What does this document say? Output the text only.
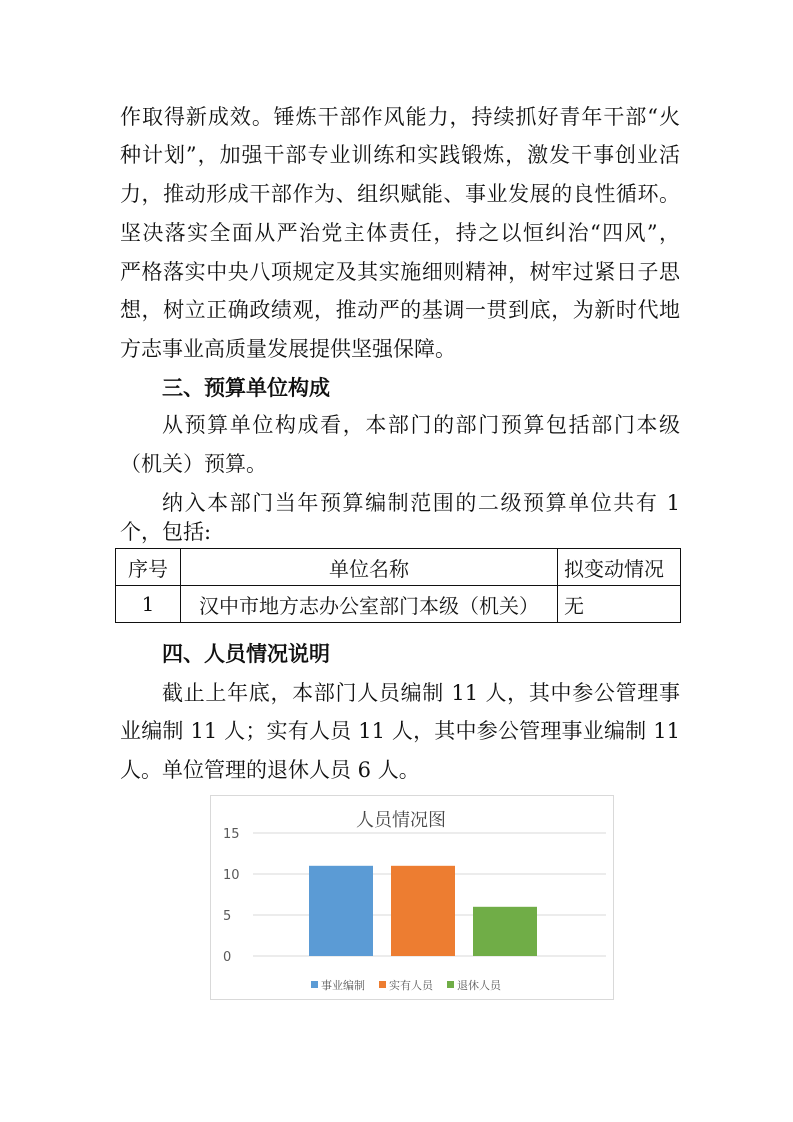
作取得新成效。锤炼干部作风能力，持续抓好青年干部“火
种计划”，加强干部专业训练和实践锻炼，激发干事创业活
力，推动形成干部作为、组织赋能、事业发展的良性循环。
坚决落实全面从严治党主体责任，持之以恒纠治“四风”，
严格落实中央八项规定及其实施细则精神，树牢过紧日子思
想，树立正确政绩观，推动严的基调一贯到底，为新时代地
方志事业高质量发展提供坚强保障。
三、预算单位构成
从预算单位构成看，本部门的部门预算包括部门本级
（机关）预算。
纳入本部门当年预算编制范围的二级预算单位共有 1
个，包括:
序号	单位名称	拟变动情况
1	汉中市地方志办公室部门本级（机关）	无
四、人员情况说明
截止上年底，本部门人员编制 11 人，其中参公管理事
业编制 11 人；实有人员 11 人，其中参公管理事业编制 11
人。单位管理的退休人员 6 人。
人员情况图
15
10
5
0
事业编制 实有人员 退休人员
